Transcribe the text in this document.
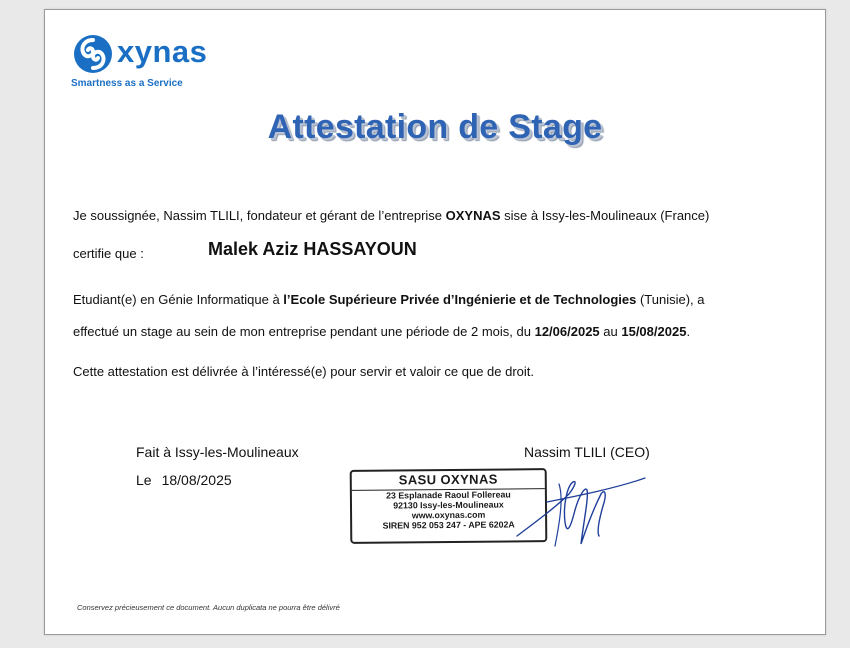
xynas
Smartness as a Service
Attestation de Stage
Je soussignée, Nassim TLILI, fondateur et gérant de l’entreprise OXYNAS sise à Issy-les-Moulineaux (France)
certifie que :	Malek Aziz HASSAYOUN
Etudiant(e) en Génie Informatique à l’Ecole Supérieure Privée d’Ingénierie et de Technologies (Tunisie), a
effectué un stage au sein de mon entreprise pendant une période de 2 mois, du 12/06/2025 au 15/08/2025.
Cette attestation est délivrée à l’intéressé(e) pour servir et valoir ce que de droit.
Fait à Issy-les-Moulineaux
Le 18/08/2025
Nassim TLILI (CEO)
SASU OXYNAS
23 Esplanade Raoul Follereau
92130 Issy-les-Moulineaux
www.oxynas.com
SIREN 952 053 247 - APE 6202A
Conservez précieusement ce document. Aucun duplicata ne pourra être délivré
